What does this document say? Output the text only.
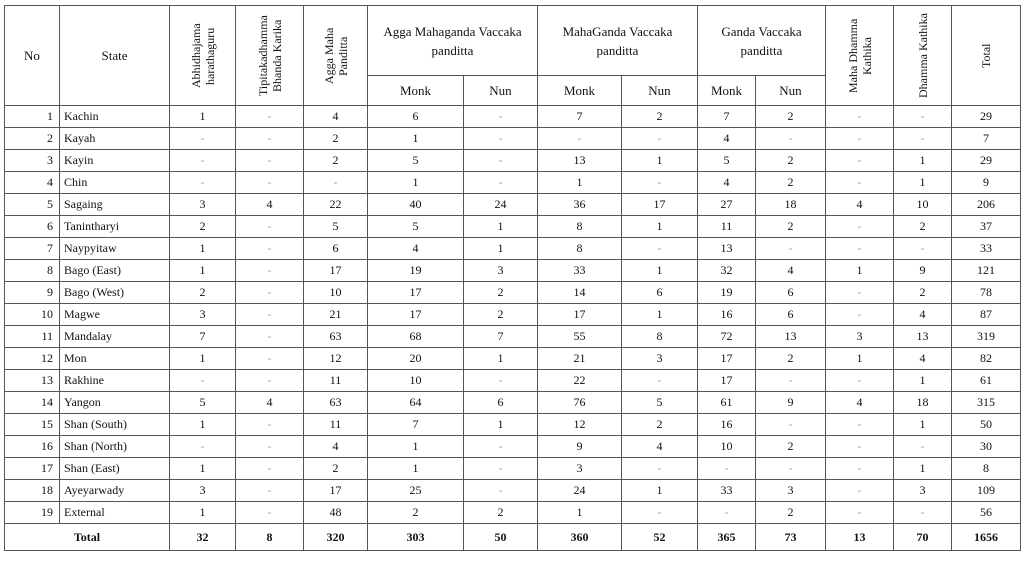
No	State	Abhidhajama harathaguru	Tipitakadhamma Bhanda Karika	Agga Maha Panditta	Agga Mahaganda Vaccaka panditta		MahaGanda Vaccaka panditta		Ganda Vaccaka panditta		Maha Dhamma Kathika	Dhamma Kathika	Total

					Monk	Nun	Monk	Nun	Monk	Nun			
1	Kachin	1	-	4	6	-	7	2	7	2	-	-	29
2	Kayah	-	-	2	1	-	-	-	4	-	-	-	7
3	Kayin	-	-	2	5	-	13	1	5	2	-	1	29
4	Chin	-	-	-	1	-	1	-	4	2	-	1	9
5	Sagaing	3	4	22	40	24	36	17	27	18	4	10	206
6	Tanintharyi	2	-	5	5	1	8	1	11	2	-	2	37
7	Naypyitaw	1	-	6	4	1	8	-	13	-	-	-	33
8	Bago (East)	1	-	17	19	3	33	1	32	4	1	9	121
9	Bago (West)	2	-	10	17	2	14	6	19	6	-	2	78
10	Magwe	3	-	21	17	2	17	1	16	6	-	4	87
11	Mandalay	7	-	63	68	7	55	8	72	13	3	13	319
12	Mon	1	-	12	20	1	21	3	17	2	1	4	82
13	Rakhine	-	-	11	10	-	22	-	17	-	-	1	61
14	Yangon	5	4	63	64	6	76	5	61	9	4	18	315
15	Shan (South)	1	-	11	7	1	12	2	16	-	-	1	50
16	Shan (North)	-	-	4	1	-	9	4	10	2	-	-	30
17	Shan (East)	1	-	2	1	-	3	-	-	-	-	1	8
18	Ayeyarwady	3	-	17	25	-	24	1	33	3	-	3	109
19	External	1	-	48	2	2	1	-	-	2	-	-	56
Total		32	8	320	303	50	360	52	365	73	13	70	1656
